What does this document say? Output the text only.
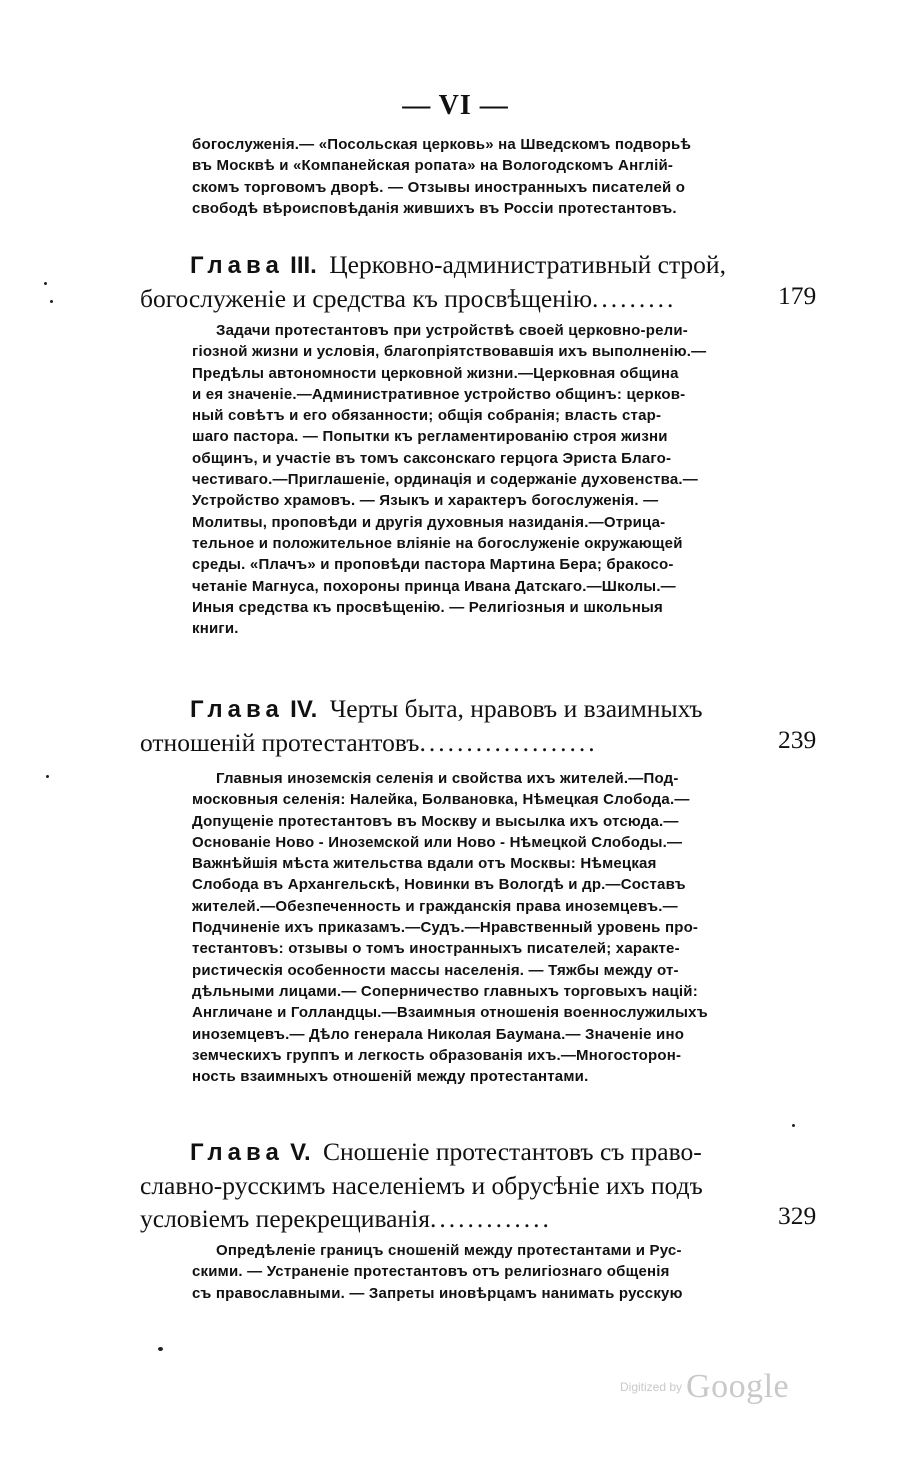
— VI —
богослуженія.— «Посольская церковь» на Шведскомъ подворьѣ
въ Москвѣ и «Компанейская ропата» на Вологодскомъ Англій-
скомъ торговомъ дворѣ. — Отзывы иностранныхъ писателей о
свободѣ вѣроисповѣданія жившихъ въ Россіи протестантовъ.
Глава III. Церковно-административный строй,
богослуженіе и средства къ просвѣщенію.........	179
Задачи протестантовъ при устройствѣ своей церковно-рели-
гіозной жизни и условія, благопріятствовавшія ихъ выполненію.—
Предѣлы автономности церковной жизни.—Церковная община
и ея значеніе.—Административное устройство общинъ: церков-
ный совѣтъ и его обязанности; общія собранія; власть стар-
шаго пастора. — Попытки къ регламентированію строя жизни
общинъ, и участіе въ томъ саксонскаго герцога Эриста Благо-
честиваго.—Приглашеніе, ординація и содержаніе духовенства.—
Устройство храмовъ. — Языкъ и характеръ богослуженія. —
Молитвы, проповѣди и другія духовныя назиданія.—Отрица-
тельное и положительное вліяніе на богослуженіе окружающей
среды. «Плачъ» и проповѣди пастора Мартина Бера; бракосо-
четаніе Магнуса, похороны принца Ивана Датскаго.—Школы.—
Иныя средства къ просвѣщенію. — Религіозныя и школьныя
книги.
Глава IV. Черты быта, нравовъ и взаимныхъ
отношеній протестантовъ...................	239
Главныя иноземскія селенія и свойства ихъ жителей.—Под-
московныя селенія: Налейка, Болвановка, Нѣмецкая Слобода.—
Допущеніе протестантовъ въ Москву и высылка ихъ отсюда.—
Основаніе Ново - Иноземской или Ново - Нѣмецкой Слободы.—
Важнѣйшія мѣста жительства вдали отъ Москвы: Нѣмецкая
Слобода въ Архангельскѣ, Новинки въ Вологдѣ и др.—Составъ
жителей.—Обезпеченность и гражданскія права иноземцевъ.—
Подчиненіе ихъ приказамъ.—Судъ.—Нравственный уровень про-
тестантовъ: отзывы о томъ иностранныхъ писателей; характе-
ристическія особенности массы населенія. — Тяжбы между от-
дѣльными лицами.— Соперничество главныхъ торговыхъ націй:
Англичане и Голландцы.—Взаимныя отношенія военнослужилыхъ
иноземцевъ.— Дѣло генерала Николая Баумана.— Значеніе ино
земческихъ группъ и легкость образованія ихъ.—Многосторон-
ность взаимныхъ отношеній между протестантами.
Глава V. Сношеніе протестантовъ съ право-
славно-русскимъ населеніемъ и обрусѣніе ихъ подъ
условіемъ перекрещиванія.............	329
Опредѣленіе границъ сношеній между протестантами и Рус-
скими. — Устраненіе протестантовъ отъ религіознаго общенія
съ православными. — Запреты иновѣрцамъ нанимать русскую
$^{Digitized by}$ Google
